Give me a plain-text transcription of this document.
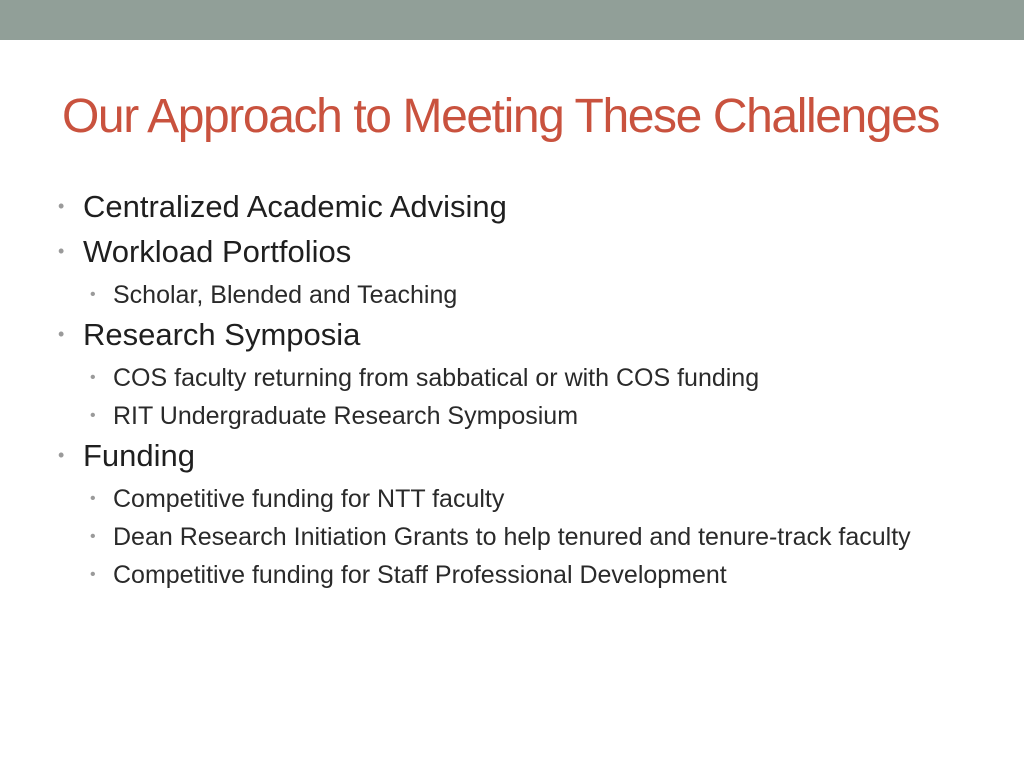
Our Approach to Meeting These Challenges
• Centralized Academic Advising
• Workload Portfolios
• Scholar, Blended and Teaching
• Research Symposia
• COS faculty returning from sabbatical or with COS funding
• RIT Undergraduate Research Symposium
• Funding
• Competitive funding for NTT faculty
• Dean Research Initiation Grants to help tenured and tenure-track faculty
• Competitive funding for Staff Professional Development
